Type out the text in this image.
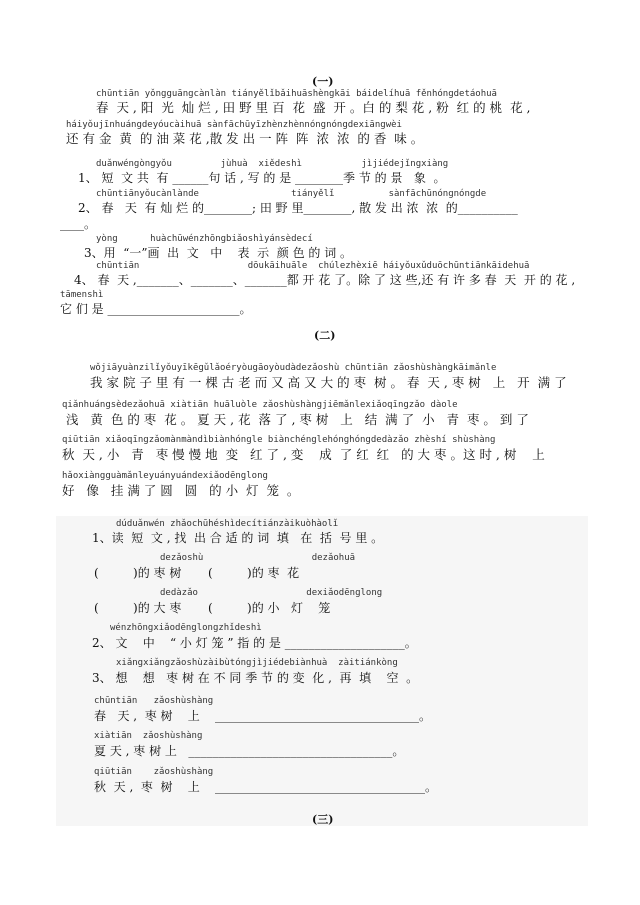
(一)
chūntiān yǒngguāngcànlàn tiányělǐbǎihuāshèngkāi báidelíhuā fěnhóngdetáohuā
春  天 , 阳  光  灿 烂 , 田 野 里 百  花  盛  开 。白 的 梨 花 , 粉  红 的 桃  花 ,
háiyǒujīnhuángdeyóucàihuā sànfāchūyīzhènzhènnóngnóngdexiāngwèi
还 有 金  黄  的 油 菜 花 ,散 发 出 一 阵  阵  浓  浓  的 香  味 。
duǎnwéngòngyǒu         jùhuà  xiědeshì           jìjiédejǐngxiàng
1、 短  文 共  有 ______句 话 , 写 的 是 ________季 节 的 景   象  。
chūntiānyǒucànlànde                 tiányělǐ          sànfāchūnóngnóngde
2、 春   天  有 灿 烂 的________; 田 野 里________, 散 发 出 浓  浓  的__________
____。
yòng      huàchūwénzhōngbiǎoshìyánsèdecí
3、用  “一”画  出  文   中    表  示  颜 色 的 词 。
chūntiān                    dōukāihuāle  chúlezhèxiē háiyǒuxǔduōchūntiānkāidehuā
4、 春  天 ,_______、_______、_______都 开 花 了。除 了 这 些,还 有 许 多 春  天  开 的 花 ,
tāmenshì
它 们 是 ______________________。
(二)
wǒjiāyuànzilǐyǒuyīkēgǔlǎoéryòugāoyòudàdezǎoshù chūntiān zǎoshùshàngkāimǎnle
我 家 院 子 里 有 一 棵 古 老 而 又 高 又 大 的 枣  树 。 春  天 , 枣 树   上   开  满 了
qiǎnhuángsèdezǎohuā xiàtiān huāluòle zǎoshùshàngjiēmǎnlexiǎoqīngzǎo dàole
浅   黄  色 的 枣  花 。 夏 天 , 花  落 了 , 枣 树   上   结  满 了  小   青  枣 。 到 了
qiūtiān xiǎoqīngzǎomànmàndìbiànhóngle biànchénglehónghóngdedàzǎo zhèshí shùshàng
秋  天 , 小   青   枣 慢 慢 地  变   红 了 , 变    成  了 红  红   的 大 枣 。这 时 , 树    上
hǎoxiàngguàmǎnleyuányuándexiǎodēnglong
好   像   挂 满 了 圆   圆   的 小  灯  笼  。
dúduǎnwén zhǎochūhéshìdecítiánzàikuòhàolǐ
1、读  短  文 , 找  出 合 适 的 词  填   在  括  号 里 。
dezǎoshù                    dezǎohuā
(         )的 枣 树       (         )的 枣  花
dedàzǎo                    dexiǎodēnglong
(         )的 大 枣       (         )的 小   灯    笼
wénzhōngxiǎodēnglongzhǐdeshì
2、 文    中    “ 小 灯 笼 ” 指 的 是 ____________________。
xiǎngxiǎngzǎoshùzàibùtóngjìjiédebiànhuà  zàitiánkòng
3、 想    想   枣 树 在 不 同 季 节 的 变  化 ,  再  填    空  。
chūntiān   zǎoshùshàng
春   天 ,  枣 树    上    __________________________________。
xiàtiān  zǎoshùshàng
夏 天 , 枣 树 上   __________________________________。
qiūtiān    zǎoshùshàng
秋  天 ,  枣  树    上    ___________________________________。
(三)
